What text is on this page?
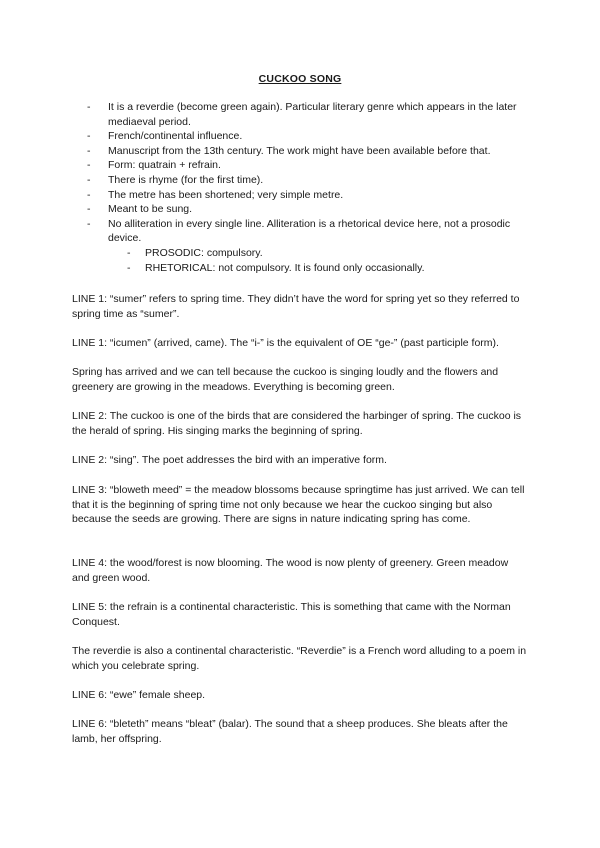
CUCKOO SONG
- It is a reverdie (become green again). Particular literary genre which appears in the later mediaeval period.
- French/continental influence.
- Manuscript from the 13th century. The work might have been available before that.
- Form: quatrain + refrain.
- There is rhyme (for the first time).
- The metre has been shortened; very simple metre.
- Meant to be sung.
- No alliteration in every single line. Alliteration is a rhetorical device here, not a prosodic device.
- PROSODIC: compulsory.
- RHETORICAL: not compulsory. It is found only occasionally.

LINE 1: “sumer” refers to spring time. They didn’t have the word for spring yet so they referred to spring time as “sumer”.

LINE 1: “icumen” (arrived, came). The “i-” is the equivalent of OE “ge-” (past participle form).

Spring has arrived and we can tell because the cuckoo is singing loudly and the flowers and greenery are growing in the meadows. Everything is becoming green.

LINE 2: The cuckoo is one of the birds that are considered the harbinger of spring. The cuckoo is the herald of spring. His singing marks the beginning of spring.

LINE 2: “sing”. The poet addresses the bird with an imperative form.

LINE 3: “bloweth meed” = the meadow blossoms because springtime has just arrived. We can tell that it is the beginning of spring time not only because we hear the cuckoo singing but also because the seeds are growing. There are signs in nature indicating spring has come.

LINE 4: the wood/forest is now blooming. The wood is now plenty of greenery. Green meadow and green wood.

LINE 5: the refrain is a continental characteristic. This is something that came with the Norman Conquest.

The reverdie is also a continental characteristic. “Reverdie” is a French word alluding to a poem in which you celebrate spring.

LINE 6: “ewe” female sheep.

LINE 6: “bleteth” means “bleat” (balar). The sound that a sheep produces. She bleats after the lamb, her offspring.
